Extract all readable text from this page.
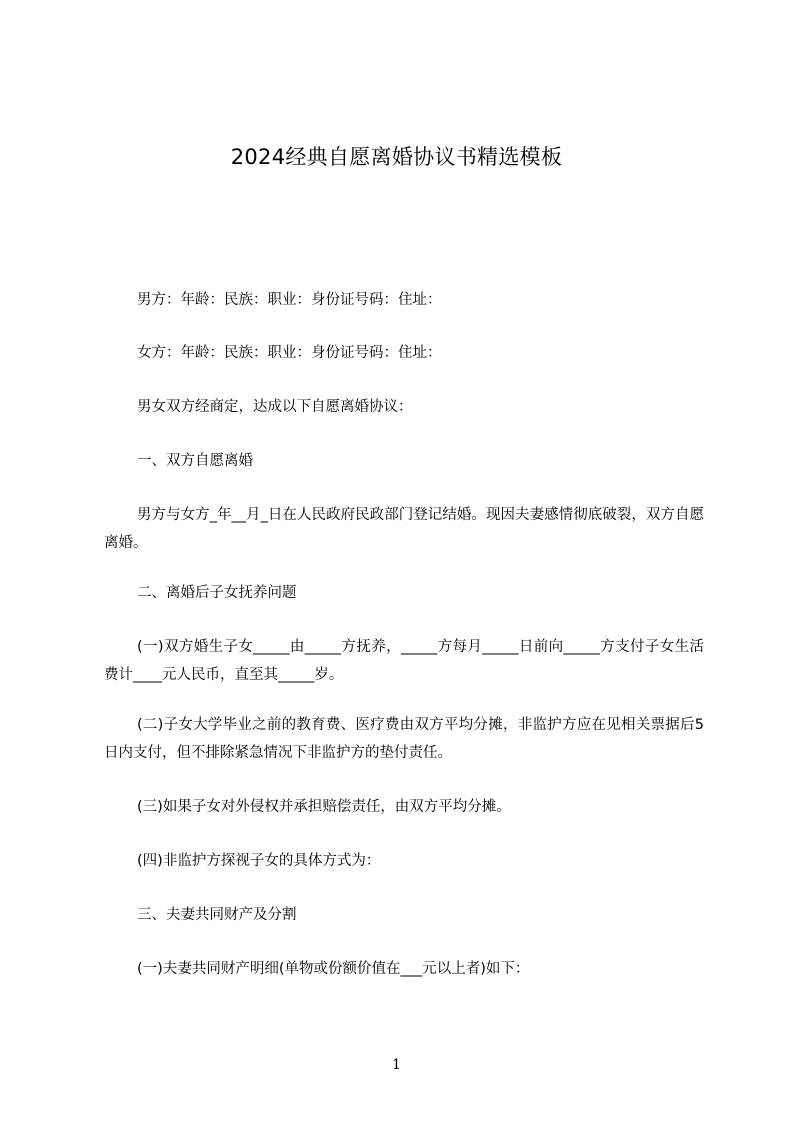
2024经典自愿离婚协议书精选模板
男方：年龄：民族：职业：身份证号码：住址：
女方：年龄：民族：职业：身份证号码：住址：
男女双方经商定，达成以下自愿离婚协议：
一、双方自愿离婚
男方与女方_年__月_日在人民政府民政部门登记结婚。现因夫妻感情彻底破裂，双方自愿离婚。
二、离婚后子女抚养问题
(一)双方婚生子女_____由_____方抚养，_____方每月_____日前向_____方支付子女生活费计____元人民币，直至其_____岁。
(二)子女大学毕业之前的教育费、医疗费由双方平均分摊，非监护方应在见相关票据后5日内支付，但不排除紧急情况下非监护方的垫付责任。
(三)如果子女对外侵权并承担赔偿责任，由双方平均分摊。
(四)非监护方探视子女的具体方式为：
三、夫妻共同财产及分割
(一)夫妻共同财产明细(单物或份额价值在___元以上者)如下：
1
